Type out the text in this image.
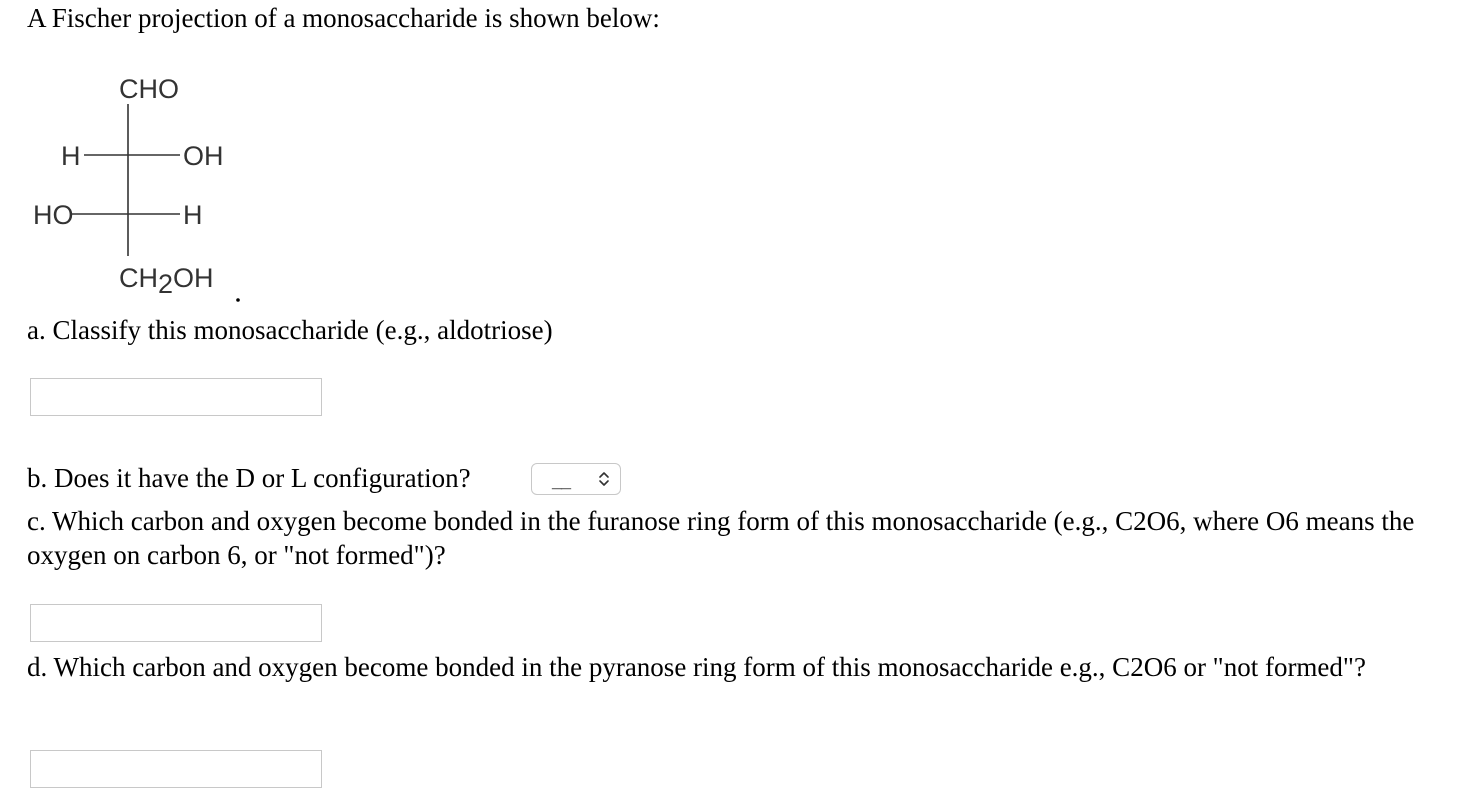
A Fischer projection of a monosaccharide is shown below:
CHO
H	OH
HO	H
CH2OH
a. Classify this monosaccharide (e.g., aldotriose)
b. Does it have the D or L configuration?	__
c. Which carbon and oxygen become bonded in the furanose ring form of this monosaccharide (e.g., C2O6, where O6 means the oxygen on carbon 6, or "not formed")?
d. Which carbon and oxygen become bonded in the pyranose ring form of this monosaccharide e.g., C2O6 or "not formed"?
